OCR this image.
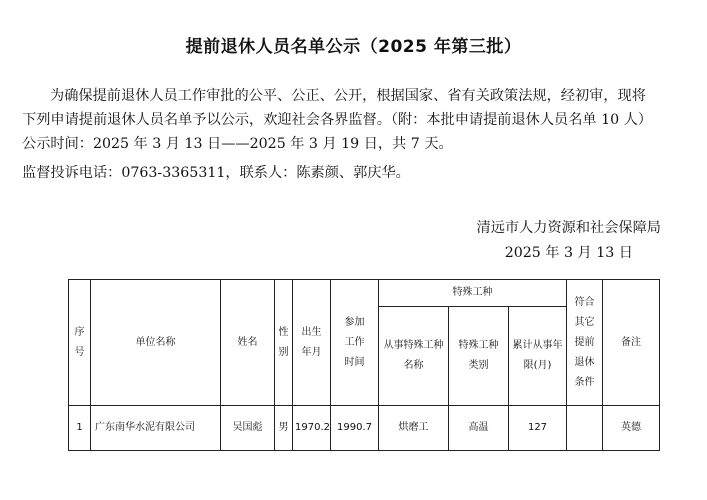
提前退休人员名单公示（2025 年第三批）
为确保提前退休人员工作审批的公平、公正、公开，根据国家、省有关政策法规，经初审，现将
下列申请提前退休人员名单予以公示，欢迎社会各界监督。（附：本批申请提前退休人员名单 10 人）
公示时间：2025 年 3 月 13 日——2025 年 3 月 19 日，共 7 天。
监督投诉电话：0763-3365311，联系人：陈素颜、郭庆华。
清远市人力资源和社会保障局
2025 年 3 月 13 日
序号	单位名称	姓名	性别	出生年月	参加工作时间	特殊工种			符合其它提前退休条件	备注
						从事特殊工种名称	特殊工种类别	累计从事年限(月)		
1	广东南华水泥有限公司	吴国彪	男	1970.2	1990.7	烘磨工	高温	127		英德
